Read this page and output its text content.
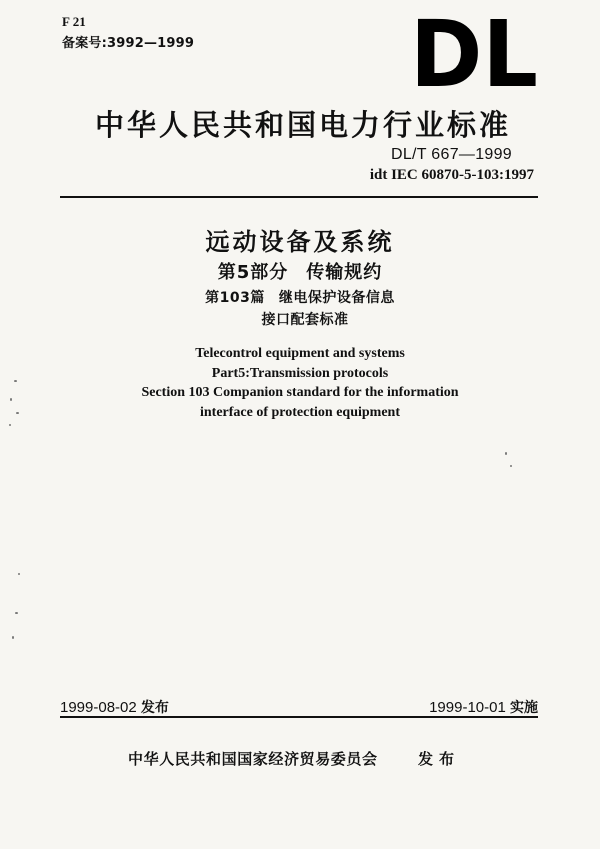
F 21
备案号:3992—1999 DL
中华人民共和国电力行业标准
DL/T 667—1999
idt IEC 60870-5-103:1997
远动设备及系统
第5部分 传输规约
第103篇 继电保护设备信息
接口配套标准
Telecontrol equipment and systems
Part5:Transmission protocols
Section 103 Companion standard for the information
interface of protection equipment
1999-08-02 发布	1999-10-01 实施
中华人民共和国国家经济贸易委员会	发布
